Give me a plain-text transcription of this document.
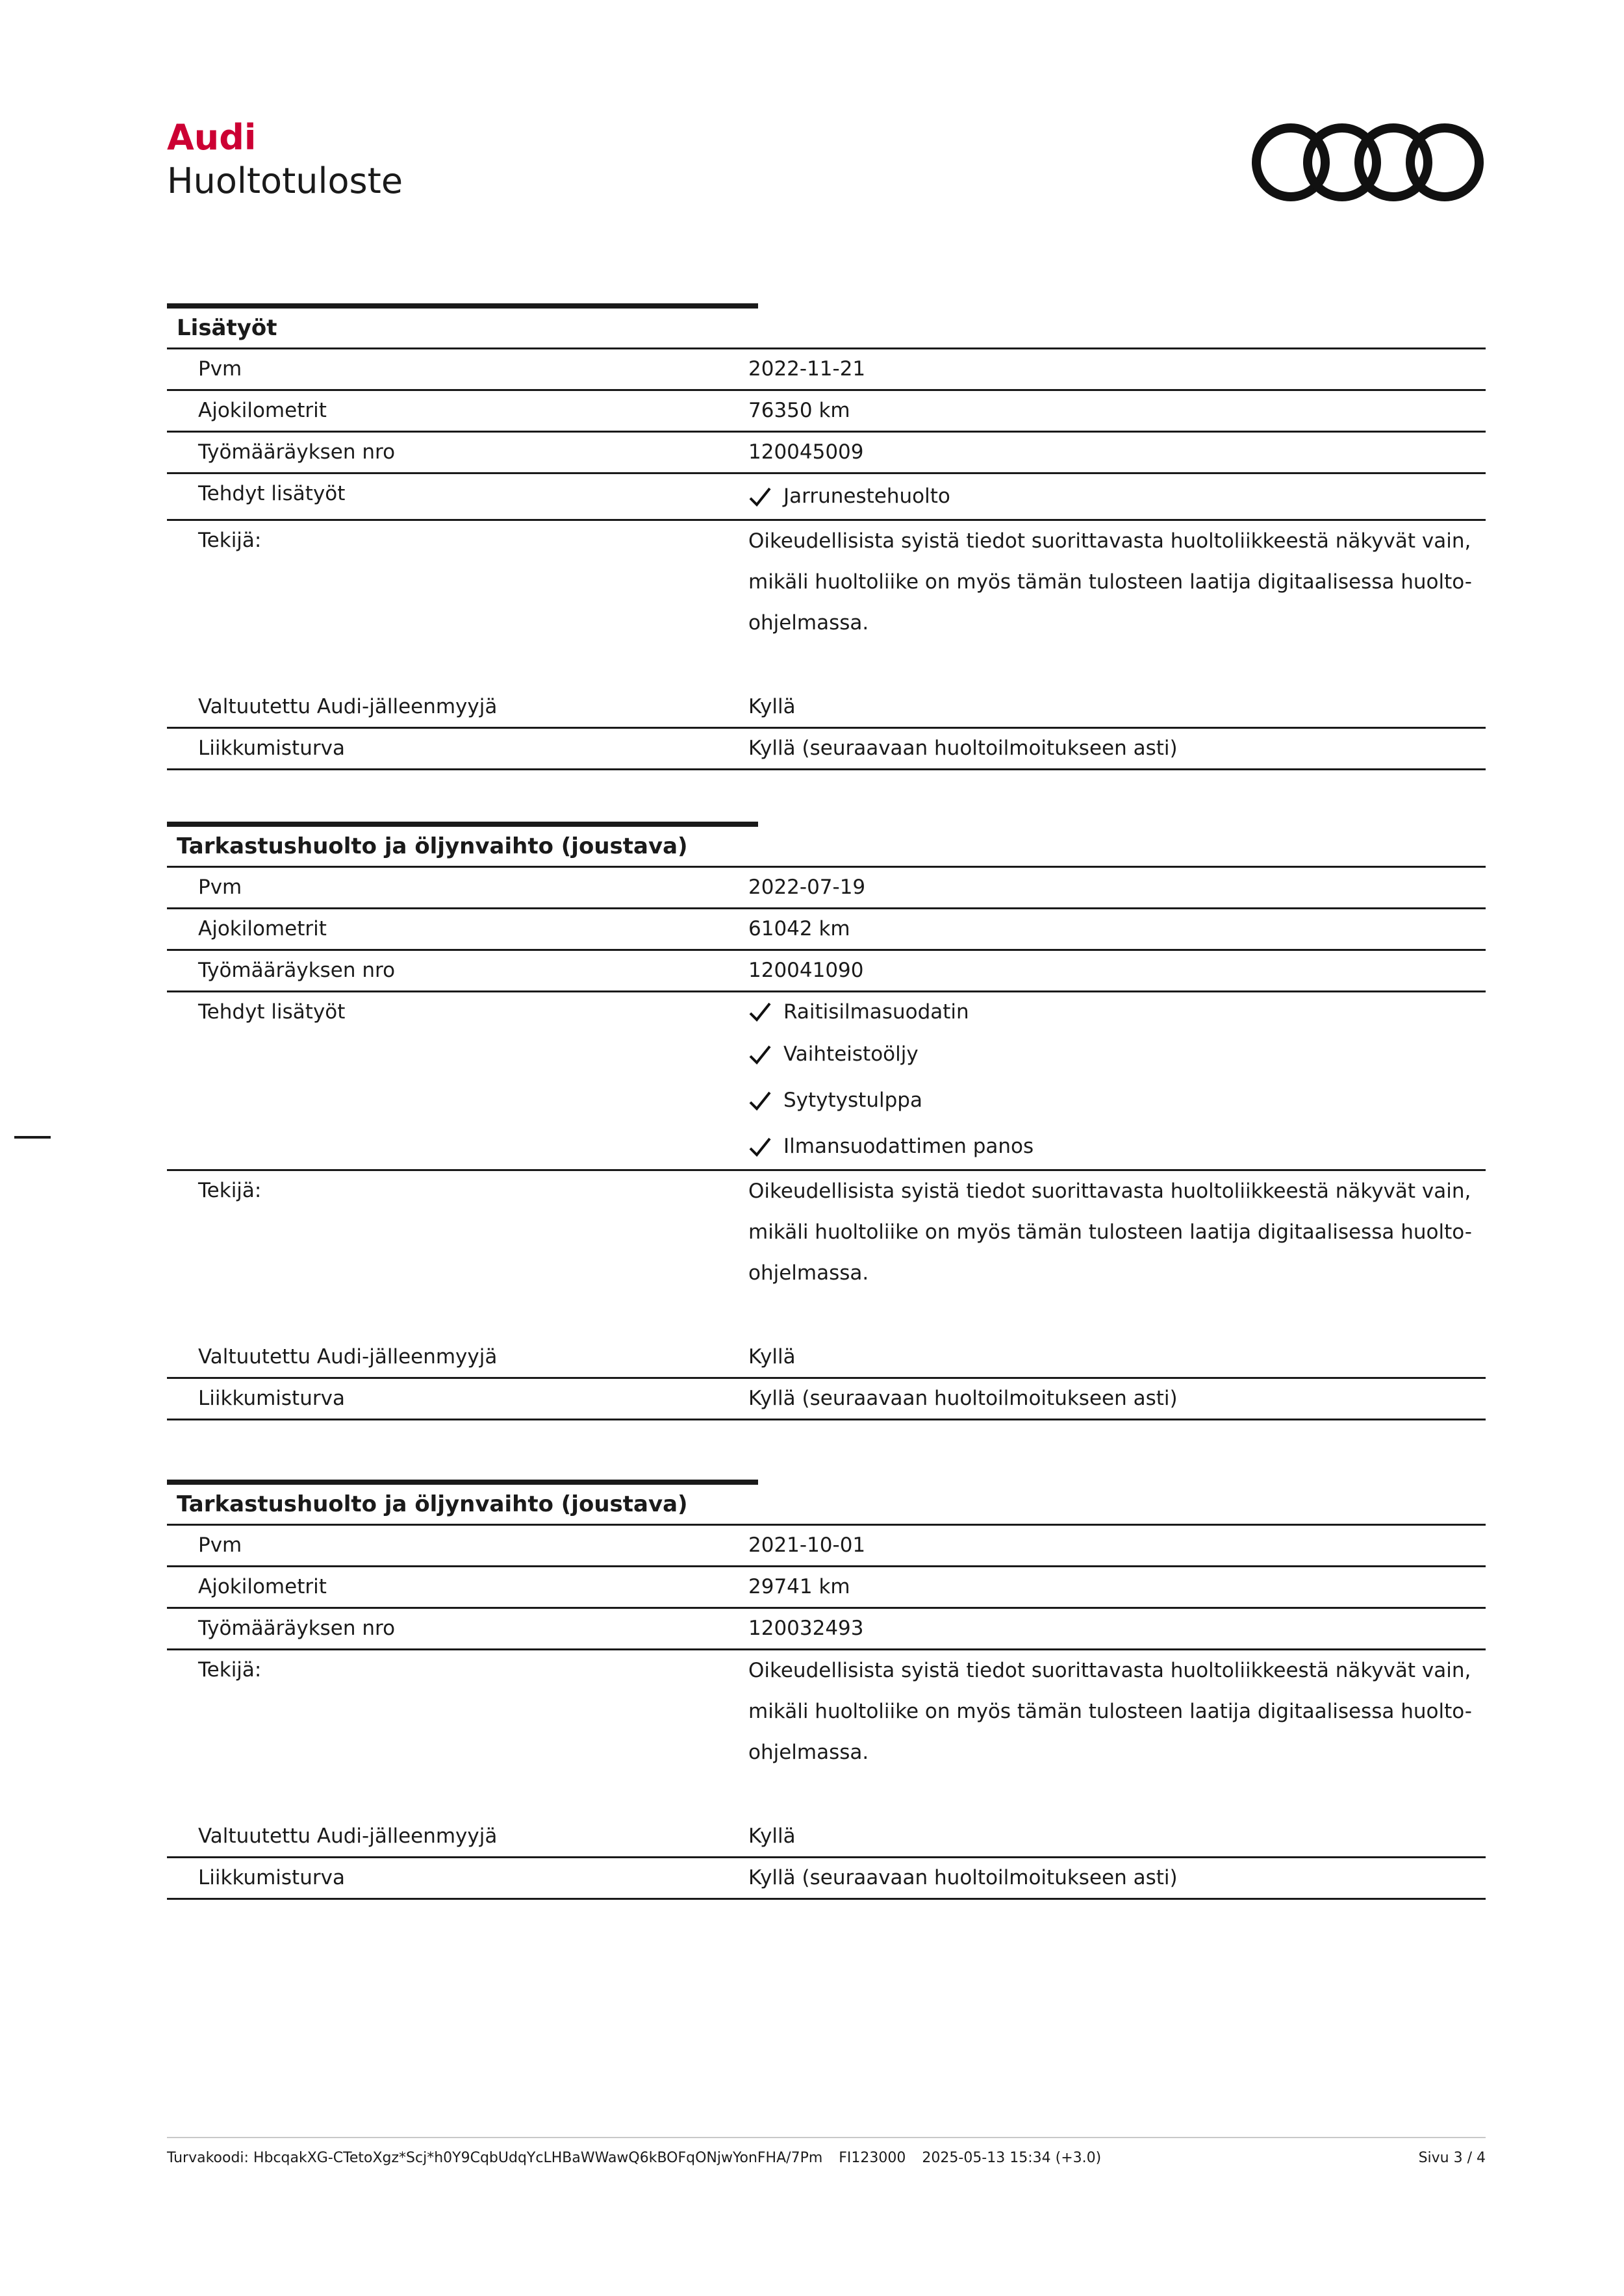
Audi
Huoltotuloste
Lisätyöt
Pvm	2022-11-21
Ajokilometrit	76350 km
Työmääräyksen nro	120045009
Tehdyt lisätyöt	Jarrunestehuolto
Tekijä:	Oikeudellisista syistä tiedot suorittavasta huoltoliikkeestä näkyvät vain, mikäli huoltoliike on myös tämän tulosteen laatija digitaalisessa huolto-ohjelmassa.
Valtuutettu Audi-jälleenmyyjä	Kyllä
Liikkumisturva	Kyllä (seuraavaan huoltoilmoitukseen asti)
Tarkastushuolto ja öljynvaihto (joustava)
Pvm	2022-07-19
Ajokilometrit	61042 km
Työmääräyksen nro	120041090
Tehdyt lisätyöt	Raitisilmasuodatin
Vaihteistoöljy
Sytytystulppa
Ilmansuodattimen panos
Tekijä:	Oikeudellisista syistä tiedot suorittavasta huoltoliikkeestä näkyvät vain, mikäli huoltoliike on myös tämän tulosteen laatija digitaalisessa huolto-ohjelmassa.
Valtuutettu Audi-jälleenmyyjä	Kyllä
Liikkumisturva	Kyllä (seuraavaan huoltoilmoitukseen asti)
Tarkastushuolto ja öljynvaihto (joustava)
Pvm	2021-10-01
Ajokilometrit	29741 km
Työmääräyksen nro	120032493
Tekijä:	Oikeudellisista syistä tiedot suorittavasta huoltoliikkeestä näkyvät vain, mikäli huoltoliike on myös tämän tulosteen laatija digitaalisessa huolto-ohjelmassa.
Valtuutettu Audi-jälleenmyyjä	Kyllä
Liikkumisturva	Kyllä (seuraavaan huoltoilmoitukseen asti)
Turvakoodi: HbcqakXG-CTetoXgz*Scj*h0Y9CqbUdqYcLHBaWWawQ6kBOFqONjwYonFHA/7Pm FI123000 2025-05-13 15:34 (+3.0)	Sivu 3 / 4
